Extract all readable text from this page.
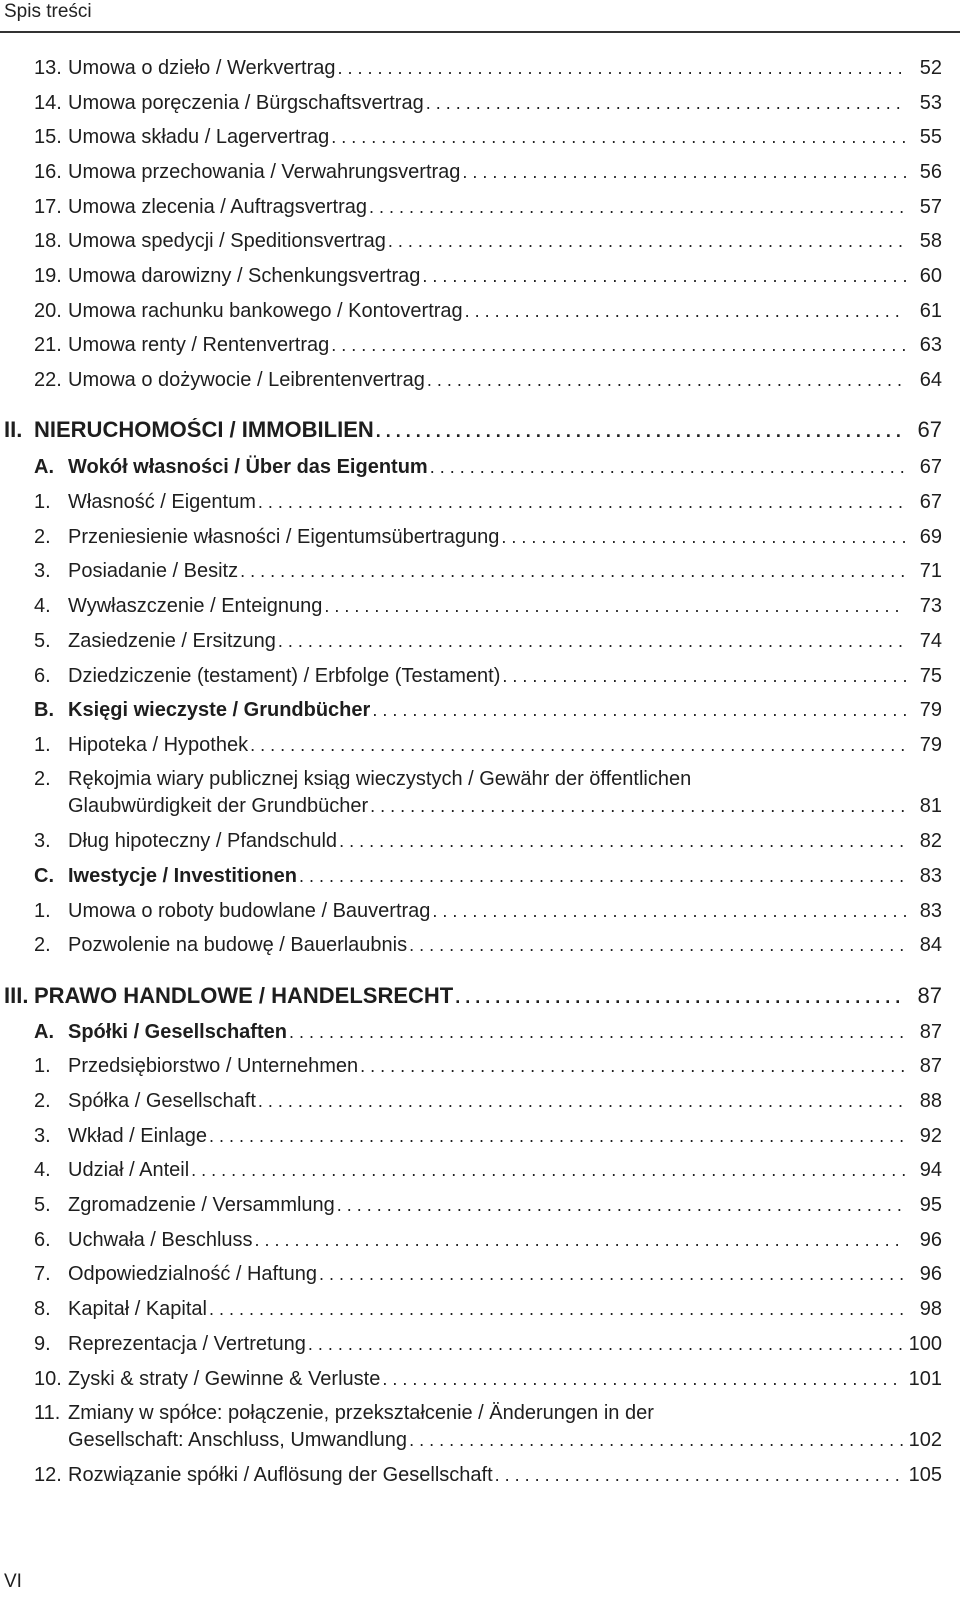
Spis treści
13. Umowa o dzieło / Werkvertrag . . .	52
14. Umowa poręczenia / Bürgschaftsvertrag . . .	53
15. Umowa składu / Lagervertrag . . .	55
16. Umowa przechowania / Verwahrungsvertrag . . .	56
17. Umowa zlecenia / Auftragsvertrag . . .	57
18. Umowa spedycji / Speditionsvertrag . . .	58
19. Umowa darowizny / Schenkungsvertrag . . .	60
20. Umowa rachunku bankowego / Kontovertrag . . .	61
21. Umowa renty / Rentenvertrag . . .	63
22. Umowa o dożywocie / Leibrentenvertrag . . .	64
II. NIERUCHOMOŚCI / IMMOBILIEN . . .	67
A. Wokół własności / Über das Eigentum . . .	67
1. Własność / Eigentum . . .	67
2. Przeniesienie własności / Eigentumsübertragung . . .	69
3. Posiadanie / Besitz . . .	71
4. Wywłaszczenie / Enteignung . . .	73
5. Zasiedzenie / Ersitzung . . .	74
6. Dziedziczenie (testament) / Erbfolge (Testament) . . .	75
B. Księgi wieczyste / Grundbücher . . .	79
1. Hipoteka / Hypothek . . .	79
2. Rękojmia wiary publicznej ksiąg wieczystych / Gewähr der öffentlichen
Glaubwürdigkeit der Grundbücher . . .	81
3. Dług hipoteczny / Pfandschuld . . .	82
C. Iwestycje / Investitionen . . .	83
1. Umowa o roboty budowlane / Bauvertrag . . .	83
2. Pozwolenie na budowę / Bauerlaubnis . . .	84
III. PRAWO HANDLOWE / HANDELSRECHT . . .	87
A. Spółki / Gesellschaften . . .	87
1. Przedsiębiorstwo / Unternehmen . . .	87
2. Spółka / Gesellschaft . . .	88
3. Wkład / Einlage . . .	92
4. Udział / Anteil . . .	94
5. Zgromadzenie / Versammlung . . .	95
6. Uchwała / Beschluss . . .	96
7. Odpowiedzialność / Haftung . . .	96
8. Kapitał / Kapital . . .	98
9. Reprezentacja / Vertretung . . .	100
10. Zyski & straty / Gewinne & Verluste . . .	101
11. Zmiany w spółce: połączenie, przekształcenie / Änderungen in der
Gesellschaft: Anschluss, Umwandlung . . .	102
12. Rozwiązanie spółki / Auflösung der Gesellschaft . . .	105
VI
